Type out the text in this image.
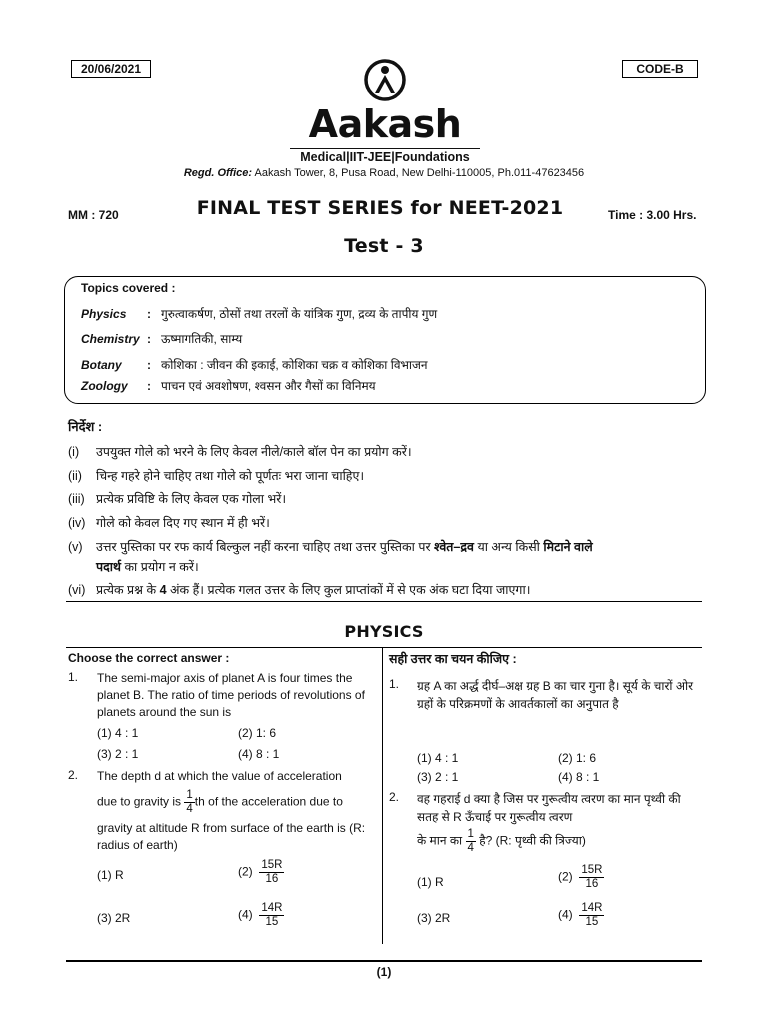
20/06/2021	CODE-B
Aakash
Medical|IIT-JEE|Foundations
Regd. Office: Aakash Tower, 8, Pusa Road, New Delhi-110005, Ph.011-47623456
MM : 720	FINAL TEST SERIES for NEET-2021	Time : 3.00 Hrs.
Test - 3
Topics covered :
Physics : गुरुत्वाकर्षण, ठोसों तथा तरलों के यांत्रिक गुण, द्रव्य के तापीय गुण
Chemistry : ऊष्मागतिकी, साम्य
Botany : कोशिका : जीवन की इकाई, कोशिका चक्र व कोशिका विभाजन
Zoology : पाचन एवं अवशोषण, श्वसन और गैसों का विनिमय
निर्देश :
(i) उपयुक्त गोले को भरने के लिए केवल नीले/काले बॉल पेन का प्रयोग करें।
(ii) चिन्ह गहरे होने चाहिए तथा गोले को पूर्णतः भरा जाना चाहिए।
(iii) प्रत्येक प्रविष्टि के लिए केवल एक गोला भरें।
(iv) गोले को केवल दिए गए स्थान में ही भरें।
(v) उत्तर पुस्तिका पर रफ कार्य बिल्कुल नहीं करना चाहिए तथा उत्तर पुस्तिका पर श्वेत–द्रव या अन्य किसी मिटाने वाले
पदार्थ का प्रयोग न करें।
(vi) प्रत्येक प्रश्न के 4 अंक हैं। प्रत्येक गलत उत्तर के लिए कुल प्राप्तांकों में से एक अंक घटा दिया जाएगा।
PHYSICS
Choose the correct answer :
1. The semi-major axis of planet A is four times the planet B. The ratio of time periods of revolutions of planets around the sun is
(1) 4 : 1	(2) 1: 6
(3) 2 : 1	(4) 8 : 1
2. The depth d at which the value of acceleration
due to gravity is $\frac{1}{4}$ th of the acceleration due to
gravity at altitude R from surface of the earth is (R: radius of earth)
(1) R	$(2) \frac{15R}{16}$
(3) 2R	$(4) \frac{14R}{15}$
सही उत्तर का चयन कीजिए :
1. ग्रह A का अर्द्ध दीर्घ–अक्ष ग्रह B का चार गुना है। सूर्य के चारों ओर ग्रहों के परिक्रमणों के आवर्तकालों का अनुपात है
(1) 4 : 1	(2) 1: 6
(3) 2 : 1	(4) 8 : 1
2. वह गहराई d क्या है जिस पर गुरूत्वीय त्वरण का मान पृथ्वी की सतह से R ऊँचाई पर गुरूत्वीय त्वरण
के मान का $\frac{1}{4}$ है? (R: पृथ्वी की त्रिज्या)
(1) R	$(2) \frac{15R}{16}$
(3) 2R	$(4) \frac{14R}{15}$
(1)
